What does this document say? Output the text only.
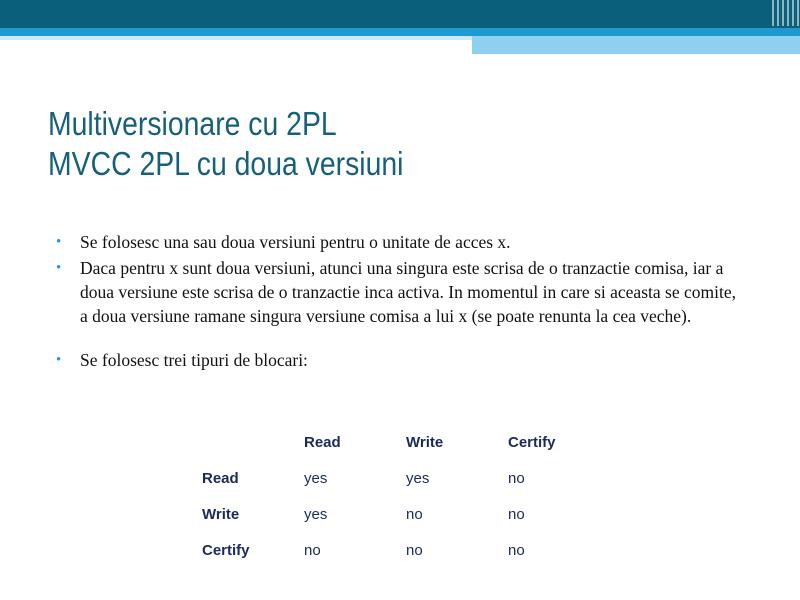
Multiversionare cu 2PL
MVCC 2PL cu doua versiuni
• Se folosesc una sau doua versiuni pentru o unitate de acces x.
• Daca pentru x sunt doua versiuni, atunci una singura este scrisa de o tranzactie comisa, iar a doua versiune este scrisa de o tranzactie inca activa. In momentul in care si aceasta se comite, a doua versiune ramane singura versiune comisa a lui x (se poate renunta la cea veche).
• Se folosesc trei tipuri de blocari:
	Read	Write	Certify
Read	yes	yes	no
Write	yes	no	no
Certify	no	no	no
